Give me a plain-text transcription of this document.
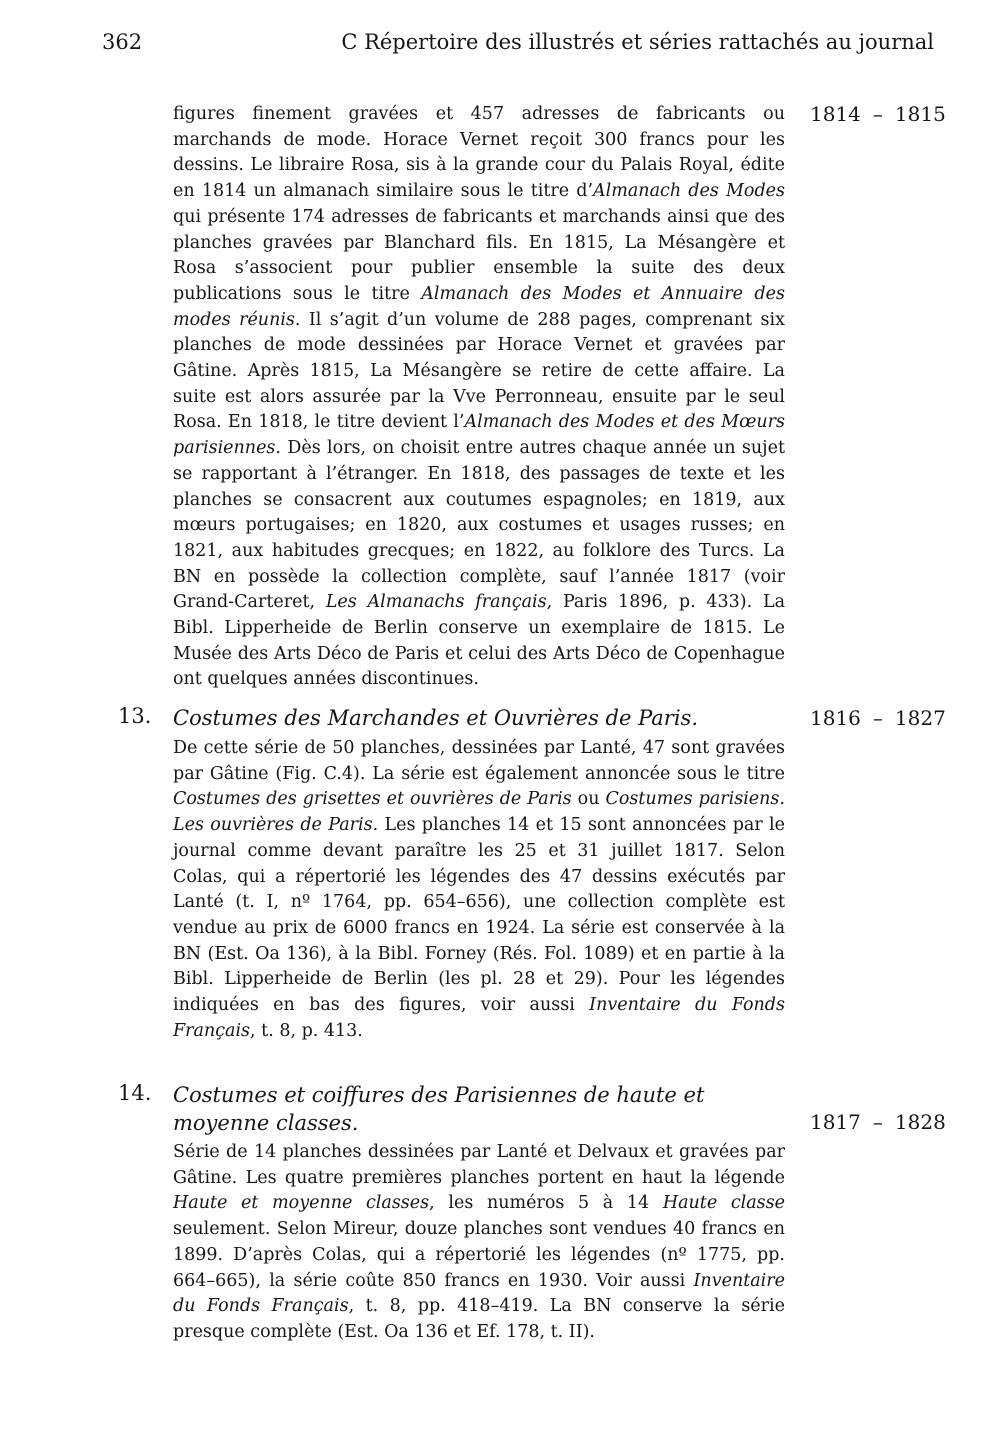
362	C Répertoire des illustrés et séries rattachés au journal
1814 – 1815

figures finement gravées et 457 adresses de fabricants ou marchands de mode. Horace Vernet reçoit 300 francs pour les dessins. Le libraire Rosa, sis à la grande cour du Palais Royal, édite en 1814 un almanach similaire sous le titre d’Almanach des Modes qui présente 174 adresses de fabricants et marchands ainsi que des planches gravées par Blanchard fils. En 1815, La Mésangère et Rosa s’associent pour publier ensemble la suite des deux publications sous le titre Almanach des Modes et Annuaire des modes réunis. Il s’agit d’un volume de 288 pages, comprenant six planches de mode dessinées par Horace Vernet et gravées par Gâtine. Après 1815, La Mésangère se retire de cette affaire. La suite est alors assurée par la Vve Perronneau, ensuite par le seul Rosa. En 1818, le titre devient l’Almanach des Modes et des Mœurs parisiennes. Dès lors, on choisit entre autres chaque année un sujet se rapportant à l’étranger. En 1818, des passages de texte et les planches se consacrent aux coutumes espagnoles; en 1819, aux mœurs portugaises; en 1820, aux costumes et usages russes; en 1821, aux habitudes grecques; en 1822, au folklore des Turcs. La BN en possède la collection complète, sauf l’année 1817 (voir Grand-Carteret, Les Almanachs français, Paris 1896, p. 433). La Bibl. Lipperheide de Berlin conserve un exemplaire de 1815. Le Musée des Arts Déco de Paris et celui des Arts Déco de Copenhague ont quelques années discontinues.

13. Costumes des Marchandes et Ouvrières de Paris.	1816 – 1827

De cette série de 50 planches, dessinées par Lanté, 47 sont gravées par Gâtine (Fig. C.4). La série est également annoncée sous le titre Costumes des grisettes et ouvrières de Paris ou Costumes parisiens. Les ouvrières de Paris. Les planches 14 et 15 sont annoncées par le journal comme devant paraître les 25 et 31 juillet 1817. Selon Colas, qui a répertorié les légendes des 47 dessins exécutés par Lanté (t. I, nº 1764, pp. 654–656), une collection complète est vendue au prix de 6000 francs en 1924. La série est conservée à la BN (Est. Oa 136), à la Bibl. Forney (Rés. Fol. 1089) et en partie à la Bibl. Lipperheide de Berlin (les pl. 28 et 29). Pour les légendes indiquées en bas des figures, voir aussi Inventaire du Fonds Français, t. 8, p. 413.

14. Costumes et coiffures des Parisiennes de haute et moyenne classes.	1817 – 1828

Série de 14 planches dessinées par Lanté et Delvaux et gravées par Gâtine. Les quatre premières planches portent en haut la légende Haute et moyenne classes, les numéros 5 à 14 Haute classe seulement. Selon Mireur, douze planches sont vendues 40 francs en 1899. D’après Colas, qui a répertorié les légendes (nº 1775, pp. 664–665), la série coûte 850 francs en 1930. Voir aussi Inventaire du Fonds Français, t. 8, pp. 418–419. La BN conserve la série presque complète (Est. Oa 136 et Ef. 178, t. II).
